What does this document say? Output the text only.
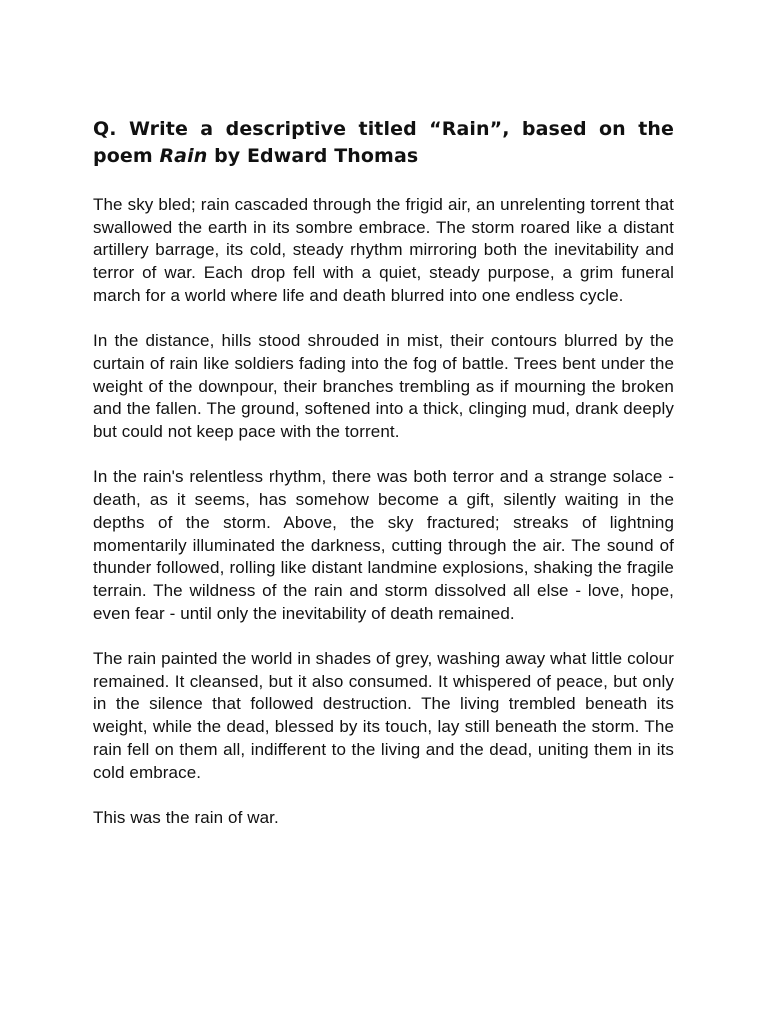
Q. Write a descriptive titled “Rain”, based on the poem Rain by Edward Thomas

The sky bled; rain cascaded through the frigid air, an unrelenting torrent that swallowed the earth in its sombre embrace. The storm roared like a distant artillery barrage, its cold, steady rhythm mirroring both the inevitability and terror of war. Each drop fell with a quiet, steady purpose, a grim funeral march for a world where life and death blurred into one endless cycle.

In the distance, hills stood shrouded in mist, their contours blurred by the curtain of rain like soldiers fading into the fog of battle. Trees bent under the weight of the downpour, their branches trembling as if mourning the broken and the fallen. The ground, softened into a thick, clinging mud, drank deeply but could not keep pace with the torrent.

In the rain's relentless rhythm, there was both terror and a strange solace - death, as it seems, has somehow become a gift, silently waiting in the depths of the storm. Above, the sky fractured; streaks of lightning momentarily illuminated the darkness, cutting through the air. The sound of thunder followed, rolling like distant landmine explosions, shaking the fragile terrain. The wildness of the rain and storm dissolved all else - love, hope, even fear - until only the inevitability of death remained.

The rain painted the world in shades of grey, washing away what little colour remained. It cleansed, but it also consumed. It whispered of peace, but only in the silence that followed destruction. The living trembled beneath its weight, while the dead, blessed by its touch, lay still beneath the storm. The rain fell on them all, indifferent to the living and the dead, uniting them in its cold embrace.

This was the rain of war.
